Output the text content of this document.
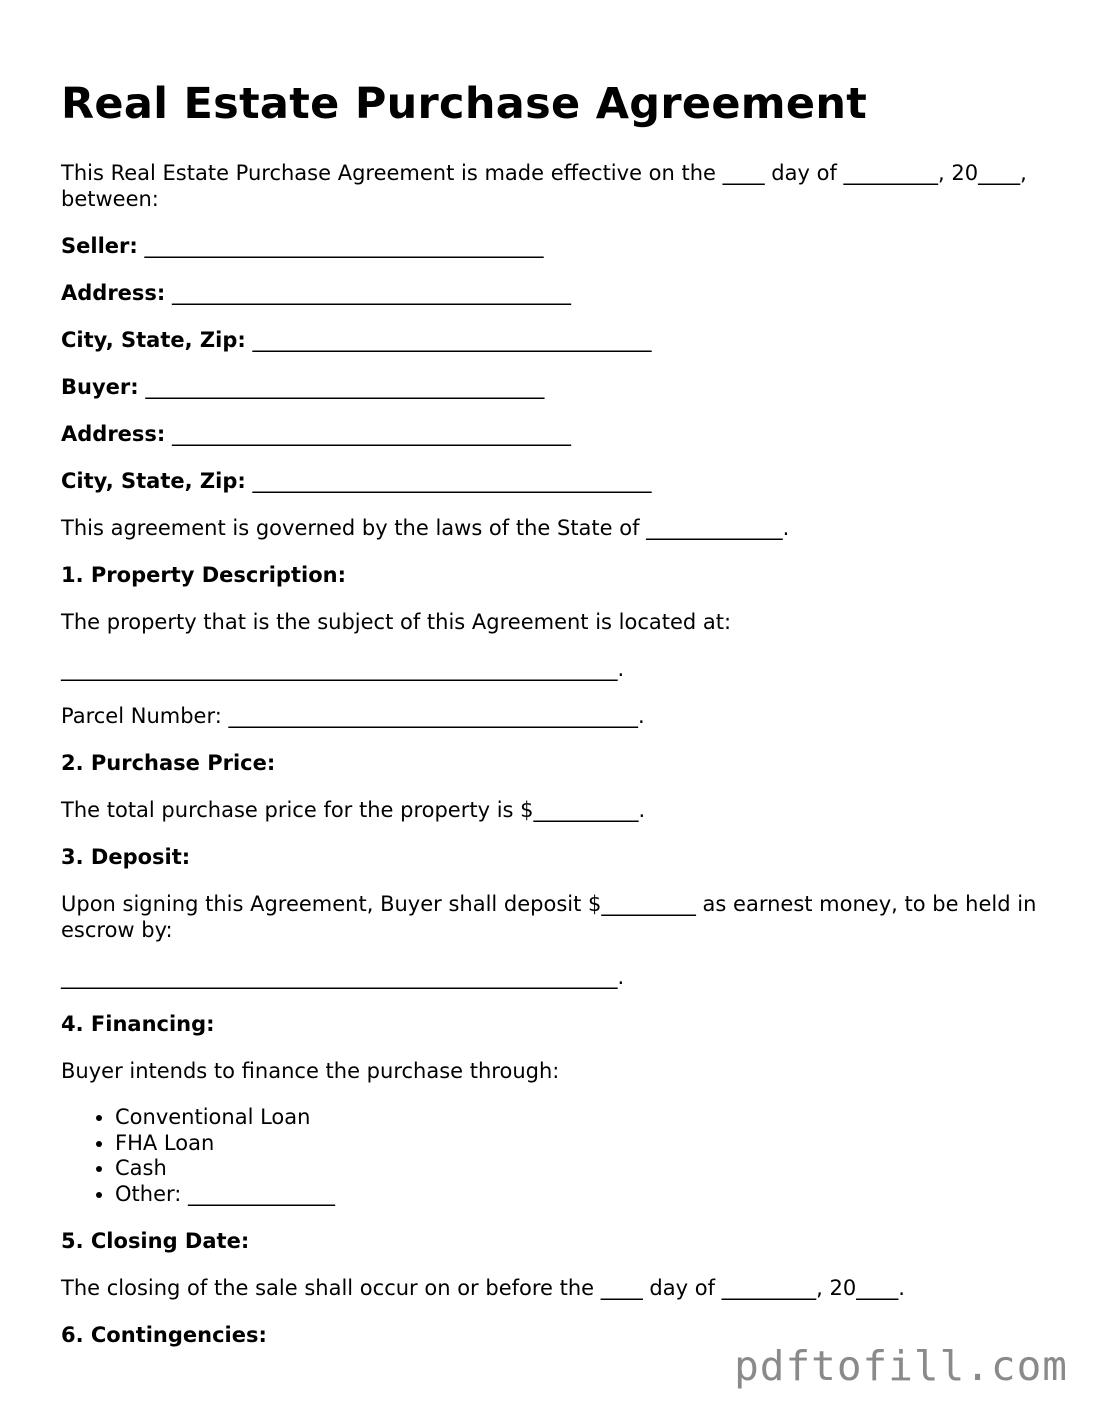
Real Estate Purchase Agreement

This Real Estate Purchase Agreement is made effective on the ____ day of _________, 20____, between:

Seller: ______________________________________

Address: ______________________________________

City, State, Zip: ______________________________________

Buyer: ______________________________________

Address: ______________________________________

City, State, Zip: ______________________________________

This agreement is governed by the laws of the State of _____________.

1. Property Description:

The property that is the subject of this Agreement is located at:

_____________________________________________________.

Parcel Number: _______________________________________.

2. Purchase Price:

The total purchase price for the property is $__________.

3. Deposit:

Upon signing this Agreement, Buyer shall deposit $_________ as earnest money, to be held in escrow by:

_____________________________________________________.

4. Financing:

Buyer intends to finance the purchase through:

• Conventional Loan
• FHA Loan
• Cash
• Other: ______________

5. Closing Date:

The closing of the sale shall occur on or before the ____ day of _________, 20____.

6. Contingencies:

pdftofill.com
